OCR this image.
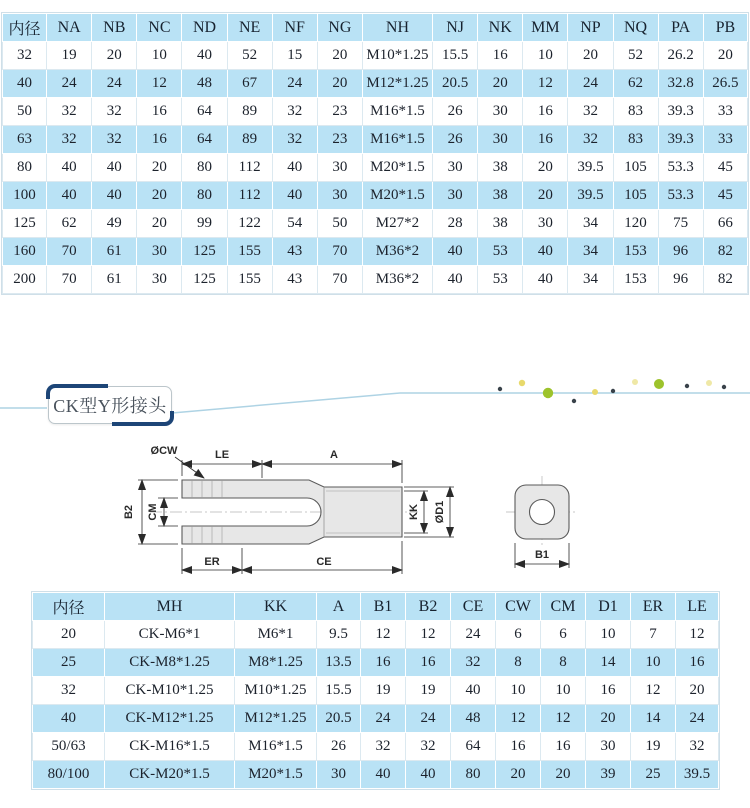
内径	NA	NB	NC	ND	NE	NF	NG	NH	NJ	NK	MM	NP	NQ	PA	PB
32	19	20	10	40	52	15	20	M10*1.25	15.5	16	10	20	52	26.2	20
40	24	24	12	48	67	24	20	M12*1.25	20.5	20	12	24	62	32.8	26.5
50	32	32	16	64	89	32	23	M16*1.5	26	30	16	32	83	39.3	33
63	32	32	16	64	89	32	23	M16*1.5	26	30	16	32	83	39.3	33
80	40	40	20	80	112	40	30	M20*1.5	30	38	20	39.5	105	53.3	45
100	40	40	20	80	112	40	30	M20*1.5	30	38	20	39.5	105	53.3	45
125	62	49	20	99	122	54	50	M27*2	28	38	30	34	120	75	66
160	70	61	30	125	155	43	70	M36*2	40	53	40	34	153	96	82
200	70	61	30	125	155	43	70	M36*2	40	53	40	34	153	96	82
CK型Y形接头
LE	A
ØCW
B2 CM	KK ØD1
ER	CE
B1
内径	MH	KK	A	B1	B2	CE	CW	CM	D1	ER	LE
20	CK-M6*1	M6*1	9.5	12	12	24	6	6	10	7	12
25	CK-M8*1.25	M8*1.25	13.5	16	16	32	8	8	14	10	16
32	CK-M10*1.25	M10*1.25	15.5	19	19	40	10	10	16	12	20
40	CK-M12*1.25	M12*1.25	20.5	24	24	48	12	12	20	14	24
50/63	CK-M16*1.5	M16*1.5	26	32	32	64	16	16	30	19	32
80/100	CK-M20*1.5	M20*1.5	30	40	40	80	20	20	39	25	39.5
